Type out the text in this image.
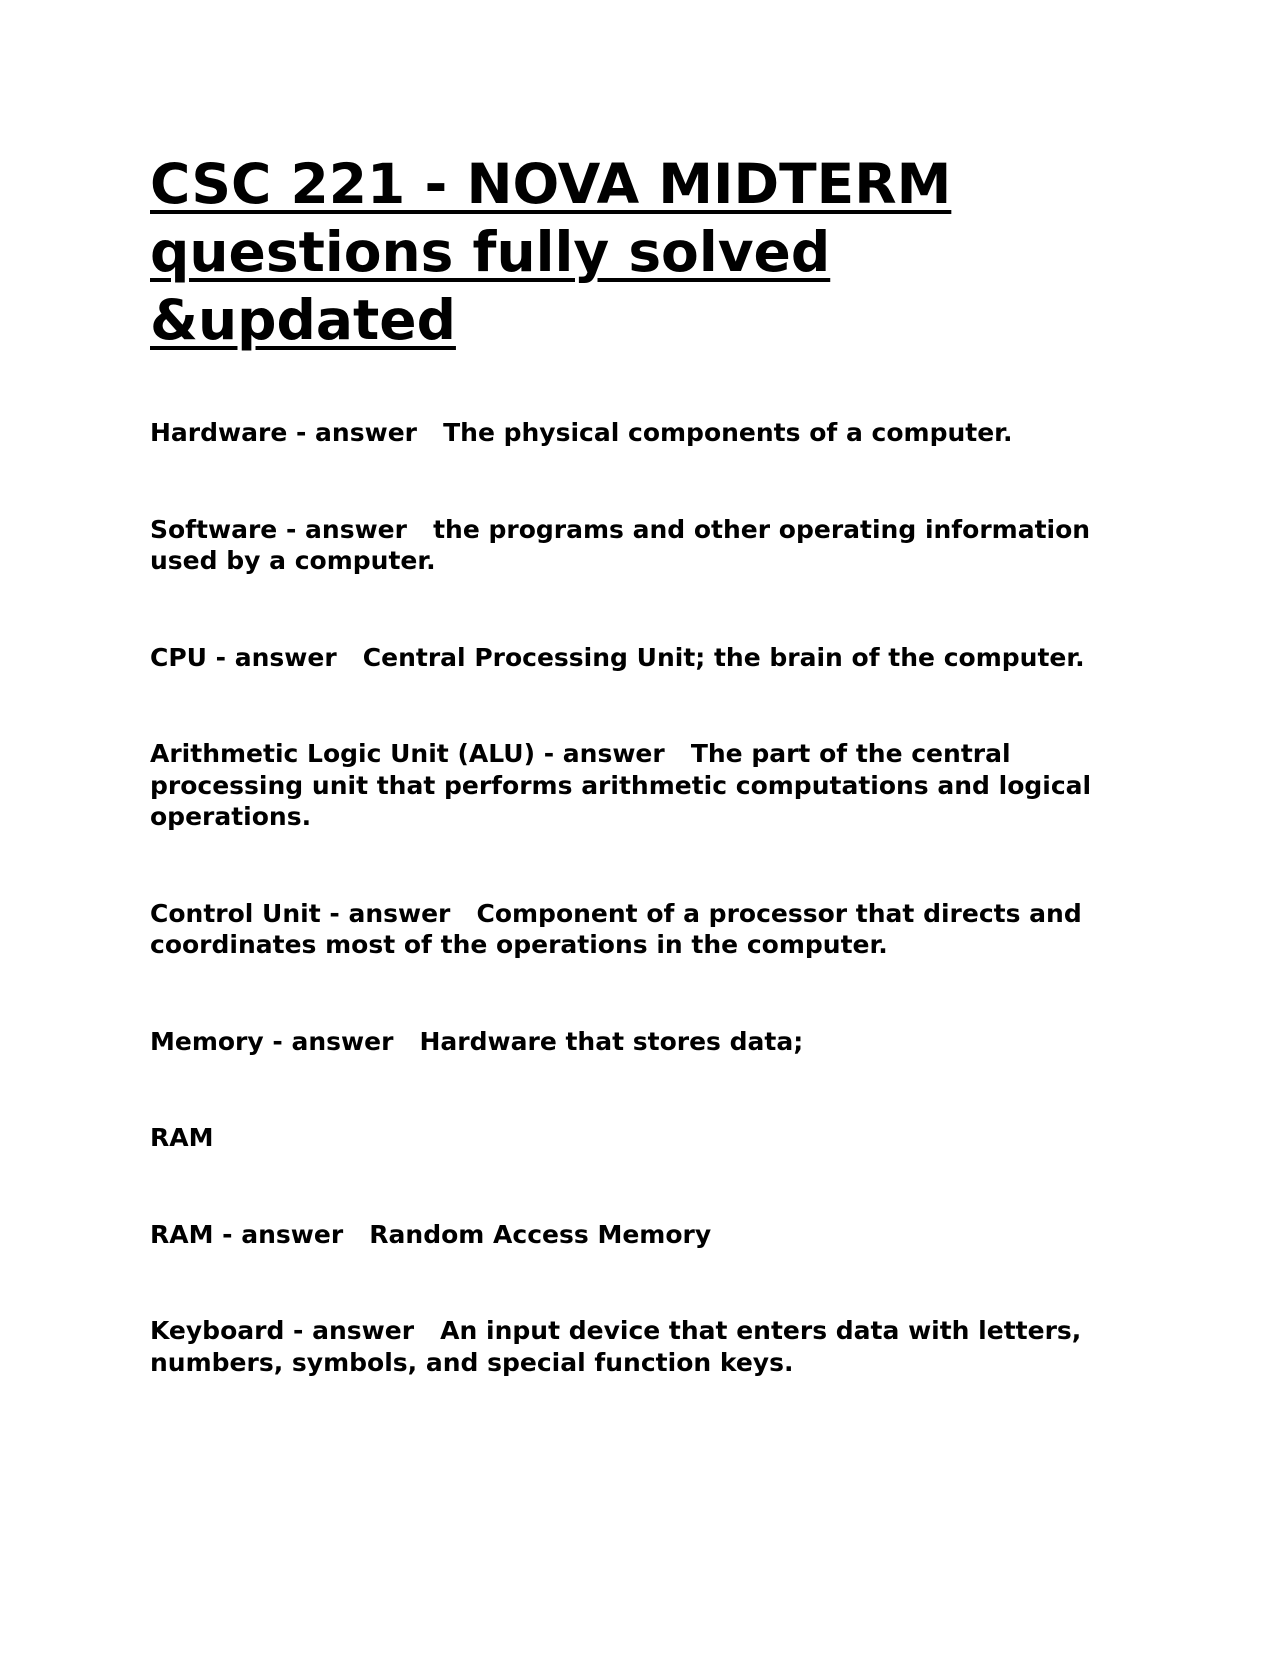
CSC 221 - NOVA MIDTERM
questions fully solved
&updated

Hardware - answer   The physical components of a computer.

Software - answer   the programs and other operating information used by a computer.

CPU - answer   Central Processing Unit; the brain of the computer.

Arithmetic Logic Unit (ALU) - answer   The part of the central processing unit that performs arithmetic computations and logical operations.

Control Unit - answer   Component of a processor that directs and coordinates most of the operations in the computer.

Memory - answer   Hardware that stores data;

RAM

RAM - answer   Random Access Memory

Keyboard - answer   An input device that enters data with letters, numbers, symbols, and special function keys.
